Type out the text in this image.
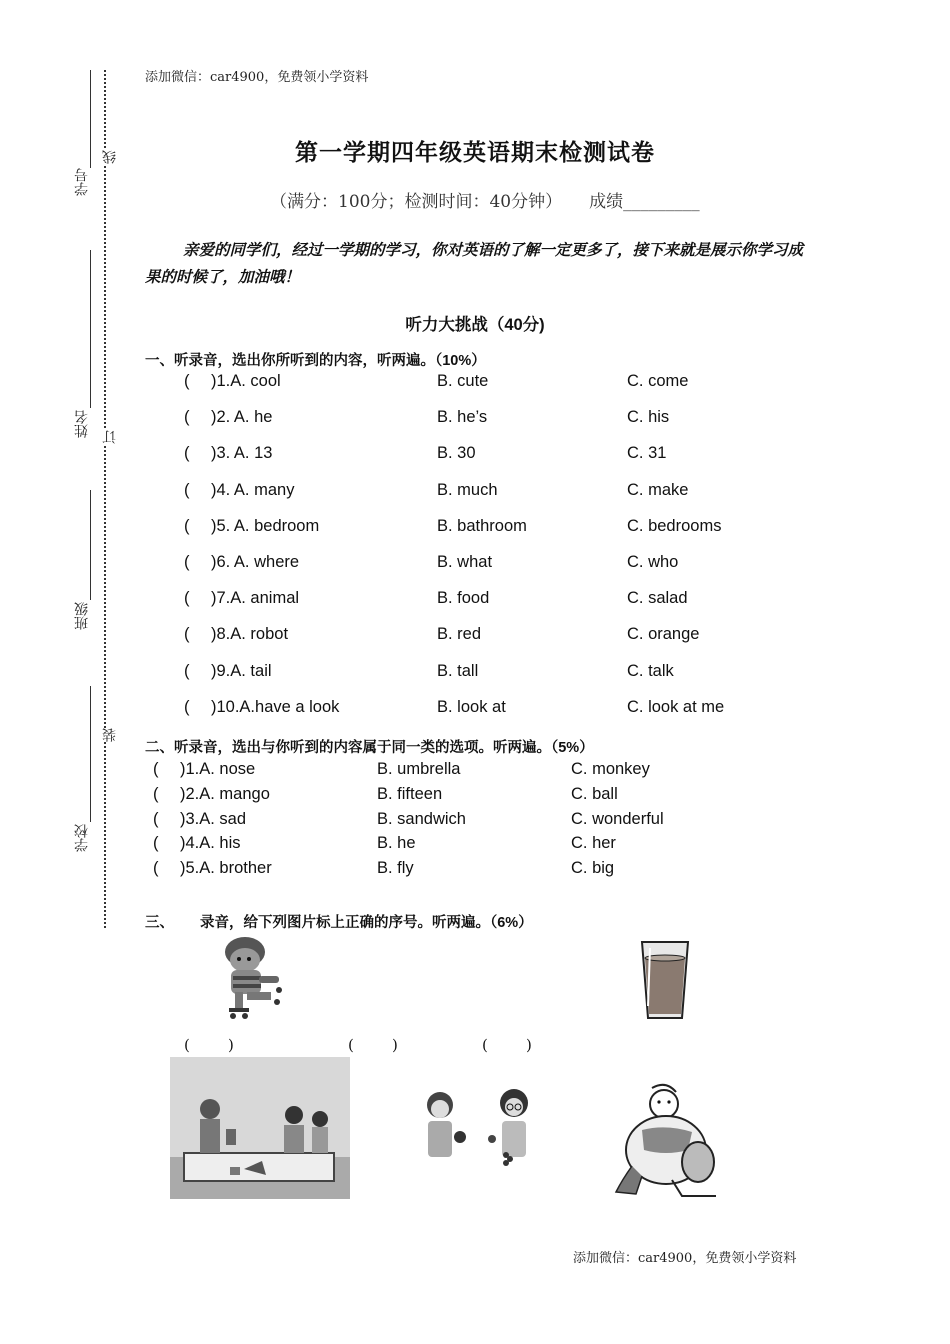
添加微信：car4900，免费领小学资料
学号
姓名
班级
学校
线
订
装
第一学期四年级英语期末检测试卷
（满分：100分；检测时间：40分钟）     成绩_________
亲爱的同学们，经过一学期的学习，你对英语的了解一定更多了，接下来就是展示你学习成果的时候了，加油哦！
听力大挑战（40分)
一、听录音，选出你所听到的内容，听两遍。（10%）
( )1.A. cool	B. cute	C. come
( )2. A. he	B. he’s	C. his
( )3. A. 13	B. 30	C. 31
( )4. A. many	B. much	C. make
( )5. A. bedroom	B. bathroom	C. bedrooms
( )6. A. where	B. what	C. who
( )7.A. animal	B. food	C. salad
( )8.A. robot	B. red	C. orange
( )9.A. tail	B. tall	C. talk
( )10.A.have a look	B. look at	C. look at me
二、听录音，选出与你听到的内容属于同一类的选项。听两遍。（5%）
( )1.A. nose	B. umbrella	C. monkey
( )2.A. mango	B. fifteen	C. ball
( )3.A. sad	B. sandwich	C. wonderful
( )4.A. his	B. he	C. her
( )5.A. brother	B. fly	C. big
三、 录音，给下列图片标上正确的序号。听两遍。（6%）
(        )	(        )	(        )
添加微信：car4900，免费领小学资料
